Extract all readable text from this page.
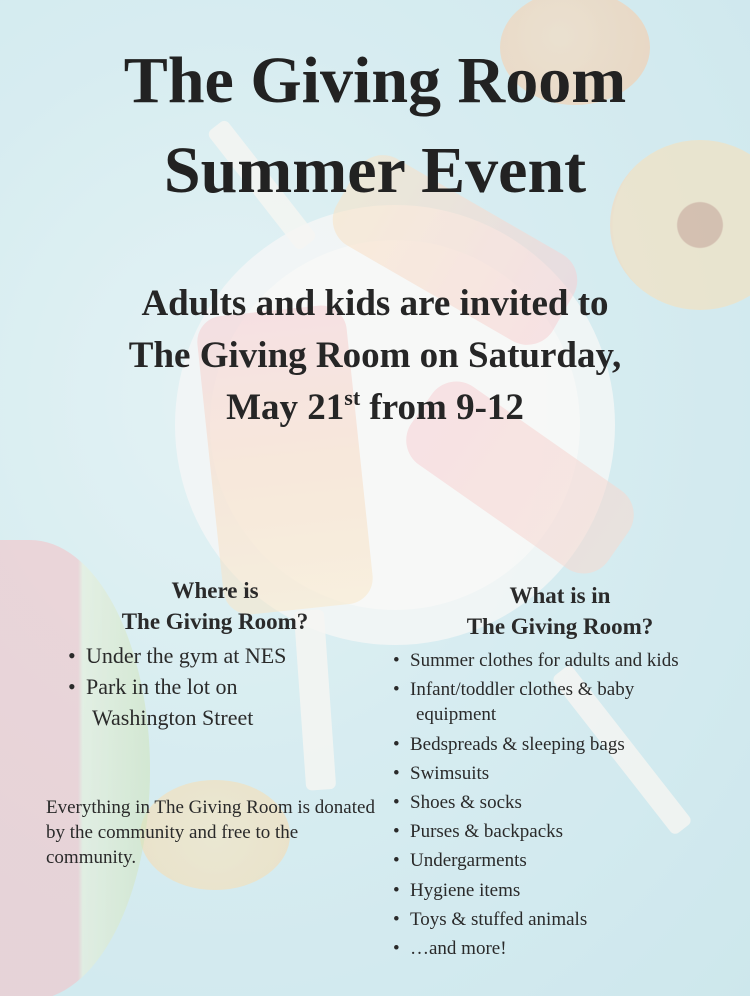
The Giving Room
Summer Event
Adults and kids are invited to
The Giving Room on Saturday,
May 21st from 9-12
Where is
The Giving Room?
• Under the gym at NES
• Park in the lot on
Washington Street
Everything in The Giving Room is donated by the community and free to the community.
What is in
The Giving Room?
• Summer clothes for adults and kids
• Infant/toddler clothes & baby
equipment
• Bedspreads & sleeping bags
• Swimsuits
• Shoes & socks
• Purses & backpacks
• Undergarments
• Hygiene items
• Toys & stuffed animals
• …and more!
